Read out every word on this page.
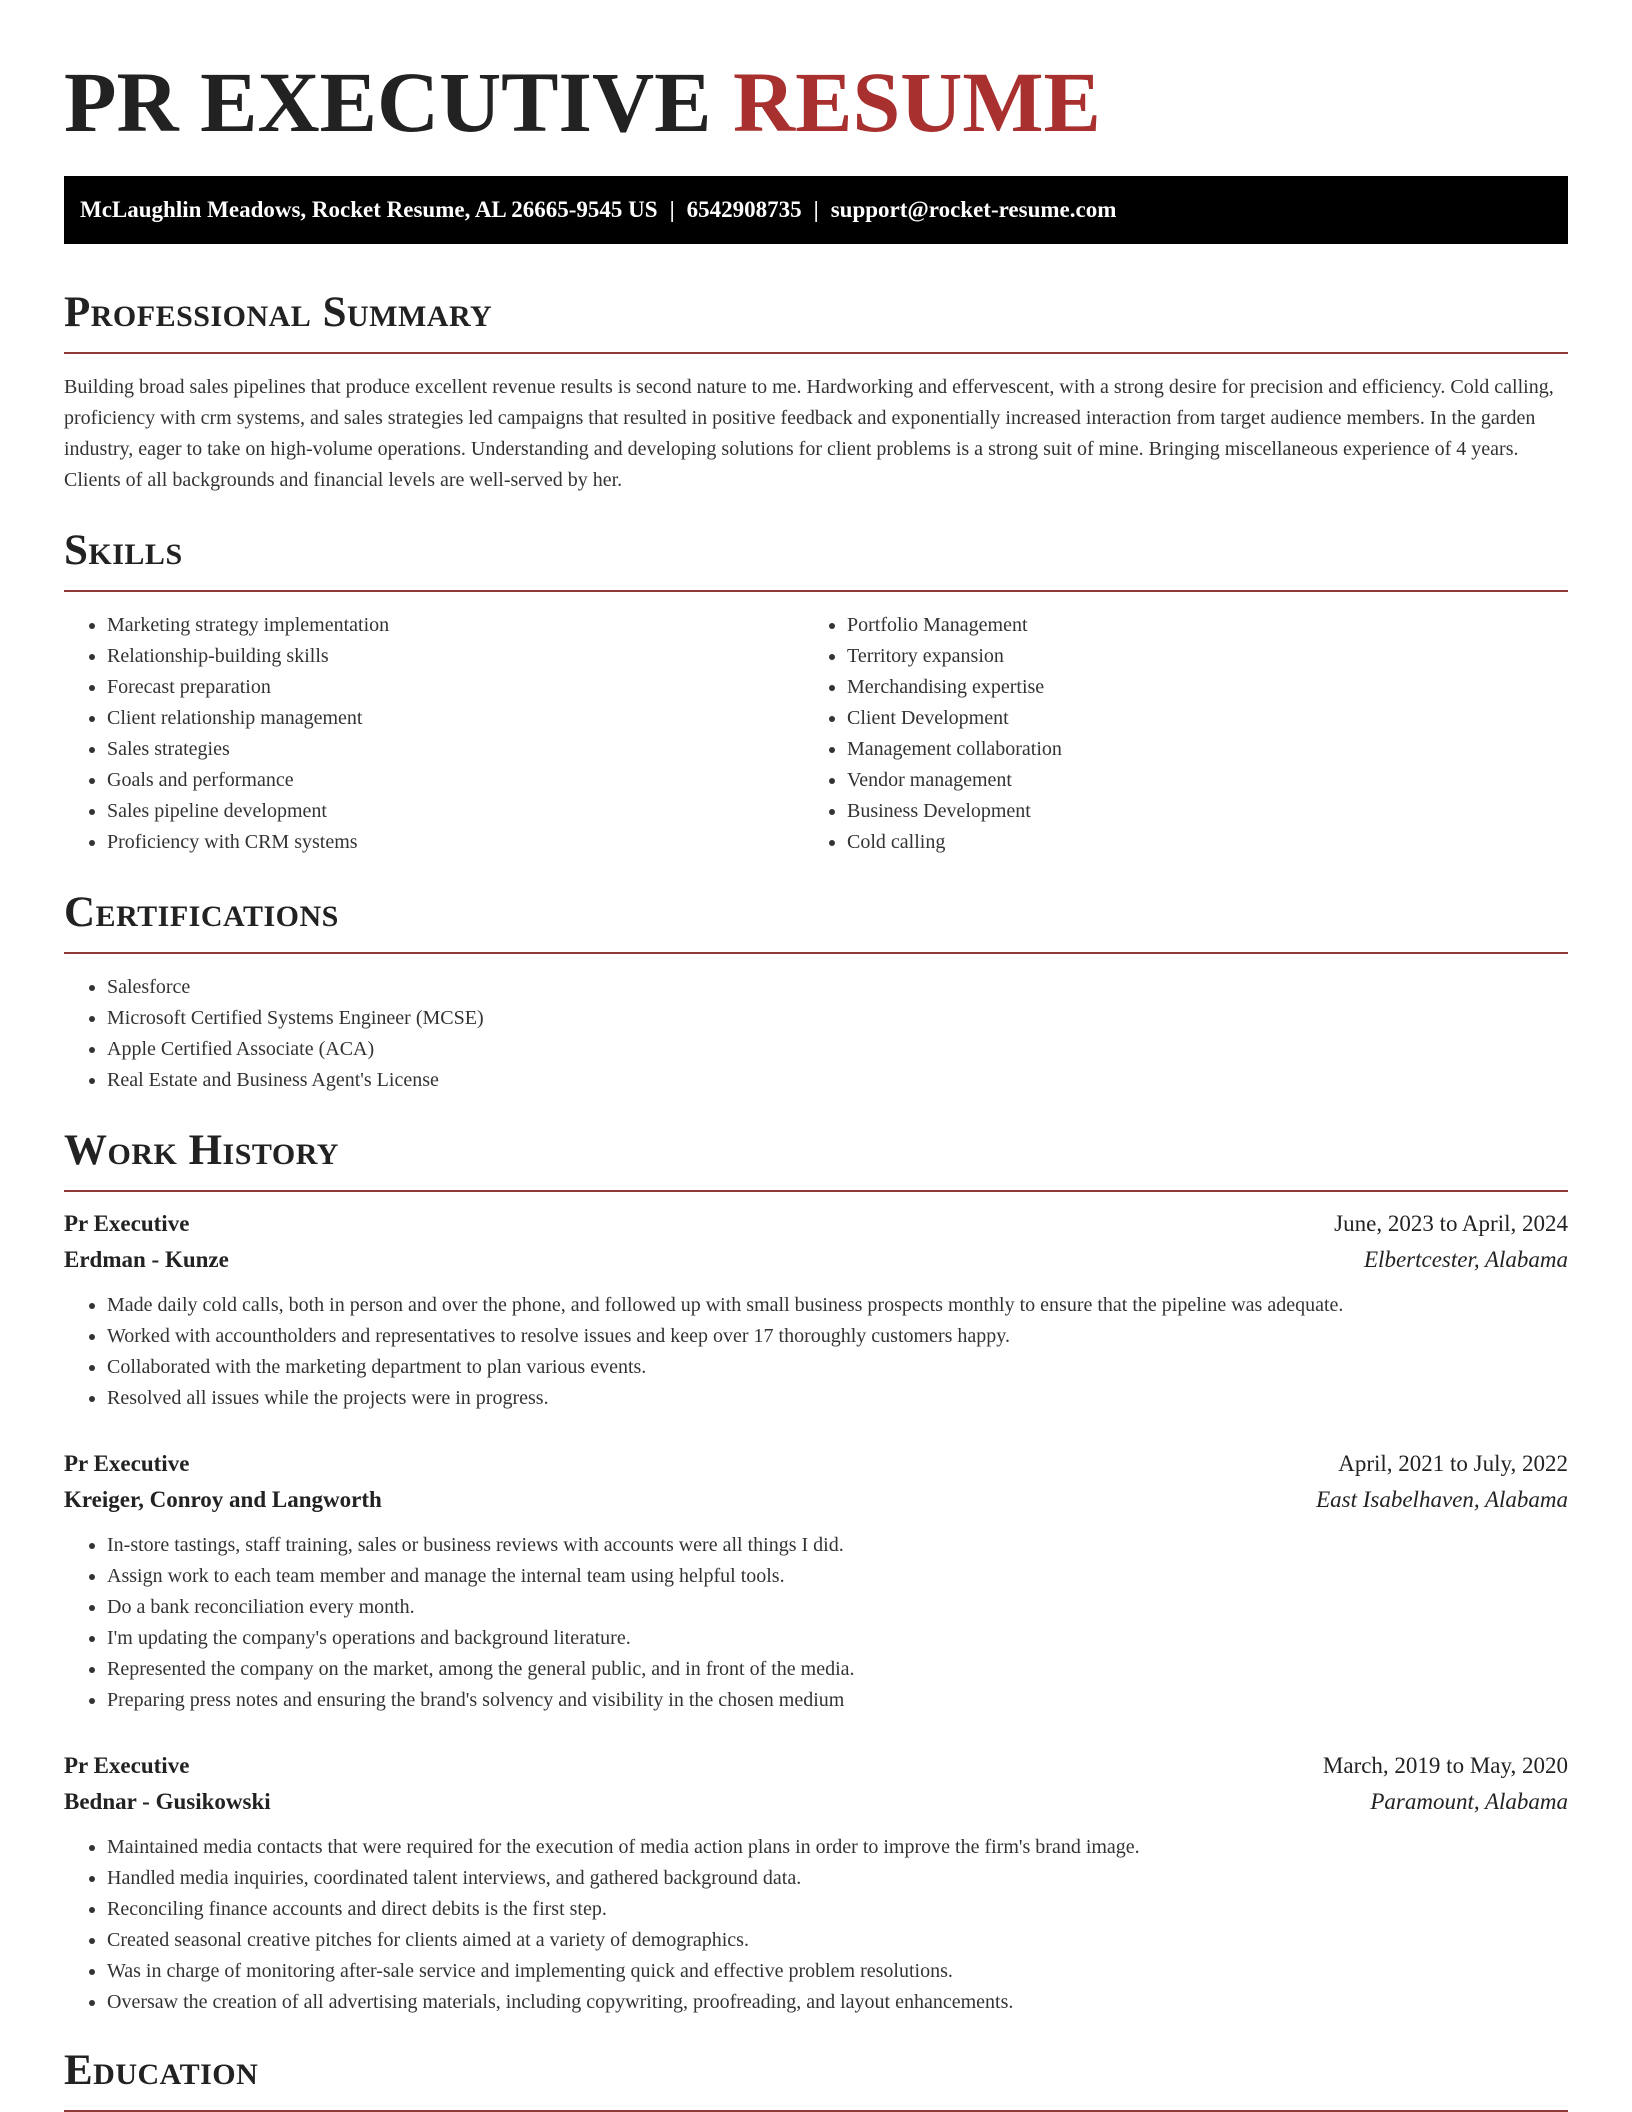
PR EXECUTIVE RESUME
McLaughlin Meadows, Rocket Resume, AL 26665-9545 US | 6542908735 | support@rocket-resume.com
Professional Summary

Building broad sales pipelines that produce excellent revenue results is second nature to me. Hardworking and effervescent, with a strong desire for precision and efficiency. Cold calling, proficiency with crm systems, and sales strategies led campaigns that resulted in positive feedback and exponentially increased interaction from target audience members. In the garden industry, eager to take on high-volume operations. Understanding and developing solutions for client problems is a strong suit of mine. Bringing miscellaneous experience of 4 years. Clients of all backgrounds and financial levels are well-served by her.

Skills
• Marketing strategy implementation
• Relationship-building skills
• Forecast preparation
• Client relationship management
• Sales strategies
• Goals and performance
• Sales pipeline development
• Proficiency with CRM systems
• Portfolio Management
• Territory expansion
• Merchandising expertise
• Client Development
• Management collaboration
• Vendor management
• Business Development
• Cold calling
Certifications
• Salesforce
• Microsoft Certified Systems Engineer (MCSE)
• Apple Certified Associate (ACA)
• Real Estate and Business Agent's License
Work History
Pr Executive	June, 2023 to April, 2024
Erdman - Kunze	Elbertcester, Alabama
• Made daily cold calls, both in person and over the phone, and followed up with small business prospects monthly to ensure that the pipeline was adequate.
• Worked with accountholders and representatives to resolve issues and keep over 17 thoroughly customers happy.
• Collaborated with the marketing department to plan various events.
• Resolved all issues while the projects were in progress.
Pr Executive	April, 2021 to July, 2022
Kreiger, Conroy and Langworth	East Isabelhaven, Alabama
• In-store tastings, staff training, sales or business reviews with accounts were all things I did.
• Assign work to each team member and manage the internal team using helpful tools.
• Do a bank reconciliation every month.
• I'm updating the company's operations and background literature.
• Represented the company on the market, among the general public, and in front of the media.
• Preparing press notes and ensuring the brand's solvency and visibility in the chosen medium
Pr Executive	March, 2019 to May, 2020
Bednar - Gusikowski	Paramount, Alabama
• Maintained media contacts that were required for the execution of media action plans in order to improve the firm's brand image.
• Handled media inquiries, coordinated talent interviews, and gathered background data.
• Reconciling finance accounts and direct debits is the first step.
• Created seasonal creative pitches for clients aimed at a variety of demographics.
• Was in charge of monitoring after-sale service and implementing quick and effective problem resolutions.
• Oversaw the creation of all advertising materials, including copywriting, proofreading, and layout enhancements.
Education
